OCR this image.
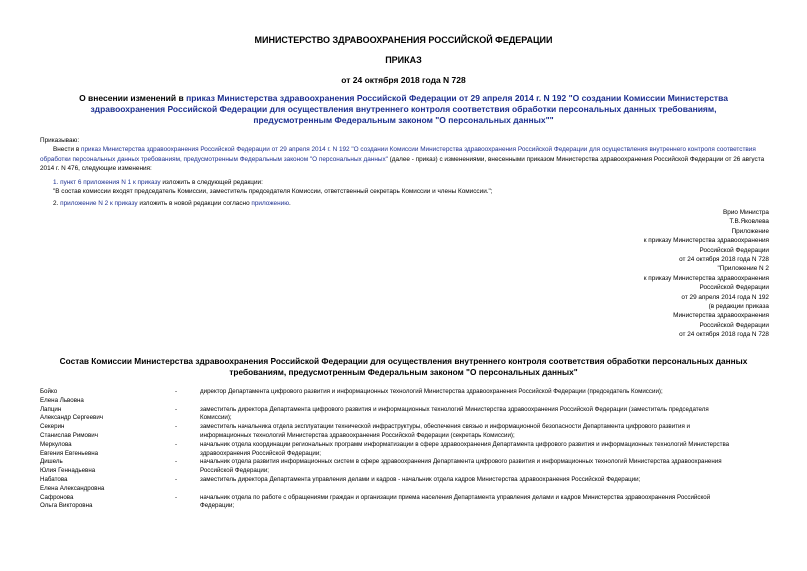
МИНИСТЕРСТВО ЗДРАВООХРАНЕНИЯ РОССИЙСКОЙ ФЕДЕРАЦИИ
ПРИКАЗ
от 24 октября 2018 года N 728
О внесении изменений в приказ Министерства здравоохранения Российской Федерации от 29 апреля 2014 г. N 192 "О создании Комиссии Министерства здравоохранения Российской Федерации для осуществления внутреннего контроля соответствия обработки персональных данных требованиям, предусмотренным Федеральным законом "О персональных данных""
Приказываю:
Внести в приказ Министерства здравоохранения Российской Федерации от 29 апреля 2014 г. N 192 "О создании Комиссии Министерства здравоохранения Российской Федерации для осуществления внутреннего контроля соответствия обработки персональных данных требованиям, предусмотренным Федеральным законом "О персональных данных" (далее - приказ) с изменениями, внесенными приказом Министерства здравоохранения Российской Федерации от 26 августа 2014 г. N 476, следующие изменения:
1. пункт 6 приложения N 1 к приказу изложить в следующей редакции:
"В состав комиссии входят председатель Комиссии, заместитель председателя Комиссии, ответственный секретарь Комиссии и члены Комиссии.";
2. приложение N 2 к приказу изложить в новой редакции согласно приложению.
Врио Министра
Т.В.Яковлева
Приложение
к приказу Министерства здравоохранения
Российской Федерации
от 24 октября 2018 года N 728
"Приложение N 2
к приказу Министерства здравоохранения
Российской Федерации
от 29 апреля 2014 года N 192
(в редакции приказа
Министерства здравоохранения
Российской Федерации
от 24 октября 2018 года N 728
Состав Комиссии Министерства здравоохранения Российской Федерации для осуществления внутреннего контроля соответствия обработки персональных данных требованиям, предусмотренным Федеральным законом "О персональных данных"
Бойко
Елена Львовна
-	директор Департамента цифрового развития и информационных технологий Министерства здравоохранения Российской Федерации (председатель Комиссии);
Лапцин
Александр Сергеевич
-	заместитель директора Департамента цифрового развития и информационных технологий Министерства здравоохранения Российской Федерации (заместитель председателя
Комиссии);
Секерин
Станислав Римович
-	заместитель начальника отдела эксплуатации технической инфраструктуры, обеспечения связью и информационной безопасности Департамента цифрового развития и
информационных технологий Министерства здравоохранения Российской Федерации (секретарь Комиссии);
Меркулова
Евгения Евгеньевна
-	начальник отдела координации региональных программ информатизации в сфере здравоохранения Департамента цифрового развития и информационных технологий Министерства
здравоохранения Российской Федерации;
Дишель
Юлия Геннадьевна
-	начальник отдела развития информационных систем в сфере здравоохранения Департамента цифрового развития и информационных технологий Министерства здравоохранения
Российской Федерации;
Набатова
Елена Александровна
-	заместитель директора Департамента управления делами и кадров - начальник отдела кадров Министерства здравоохранения Российской Федерации;
Сафронова
Ольга Викторовна
-	начальник отдела по работе с обращениями граждан и организации приема населения Департамента управления делами и кадров Министерства здравоохранения Российской
Федерации;
